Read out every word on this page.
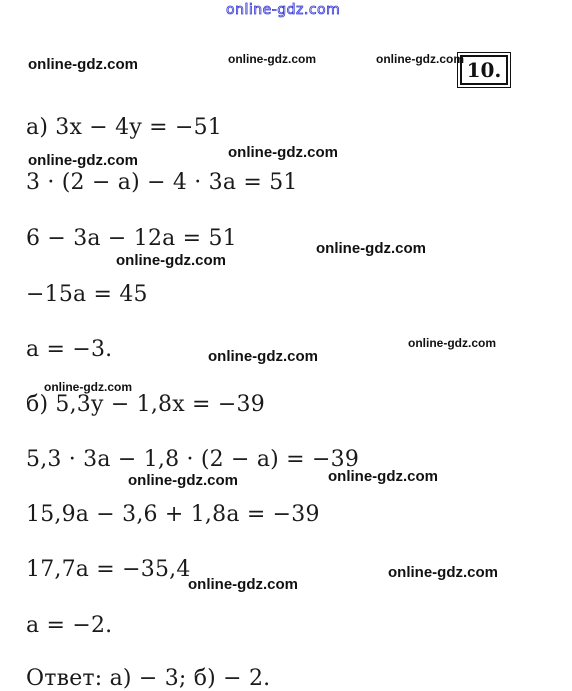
online-gdz.com
10.
а) 3x − 4y = −51
3 · (2 − a) − 4 · 3a = 51
6 − 3a − 12a = 51
−15a = 45
a = −3.
б) 5,3y − 1,8x = −39
5,3 · 3a − 1,8 · (2 − a) = −39
15,9a − 3,6 + 1,8a = −39
17,7a = −35,4
a = −2.
Ответ: а) − 3; б) − 2.
online-gdz.com	online-gdz.com	online-gdz.com
online-gdz.com	online-gdz.com
online-gdz.com
online-gdz.com
online-gdz.com
online-gdz.com
online-gdz.com
online-gdz.com
online-gdz.com
online-gdz.com
online-gdz.com
